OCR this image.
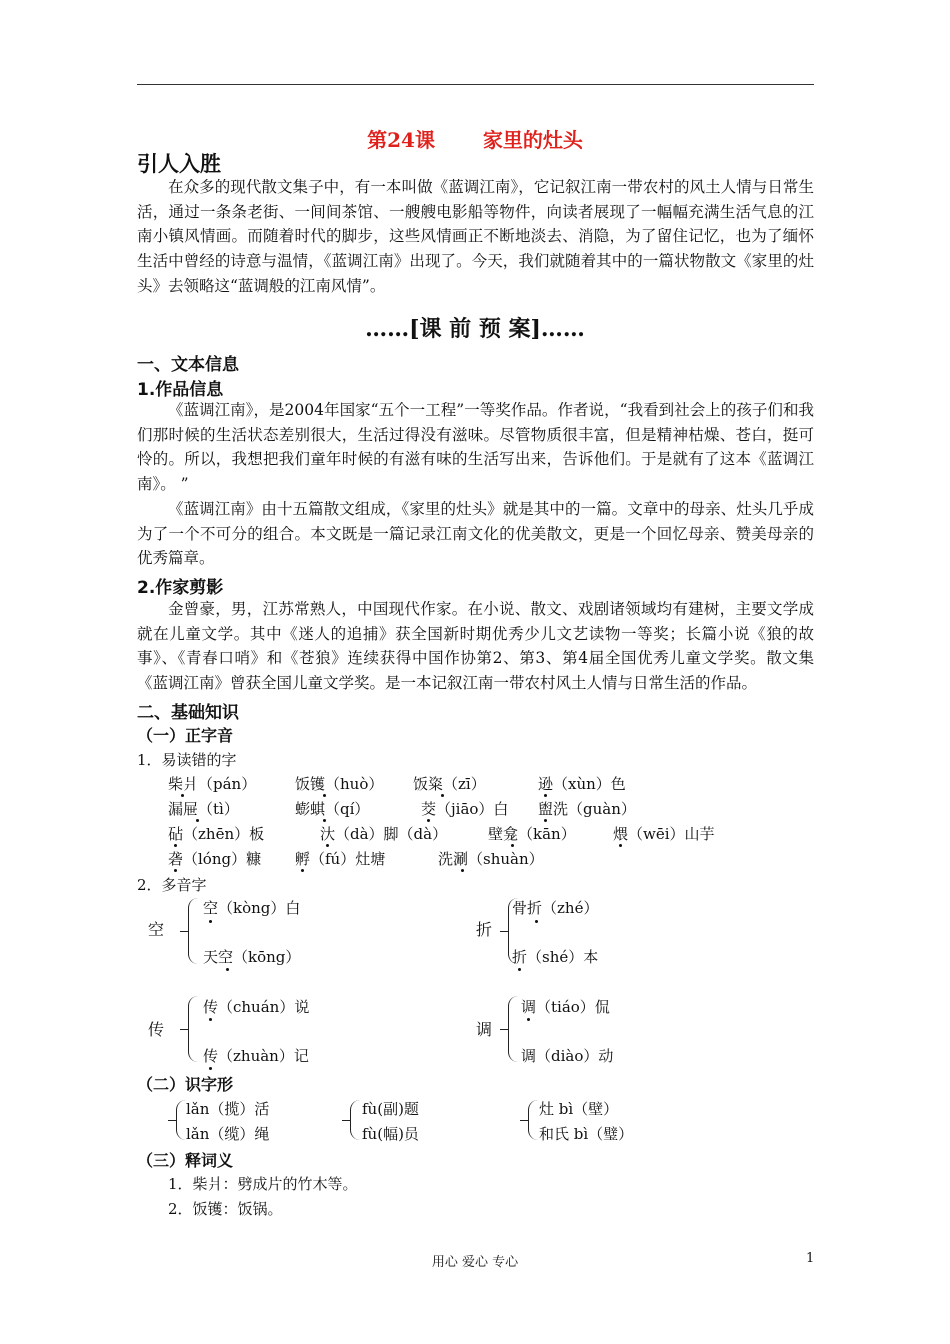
第24课 家里的灶头
引人入胜
在众多的现代散文集子中，有一本叫做《蓝调江南》，它记叙江南一带农村的风土人情与日常生活，通过一条条老街、一间间茶馆、一艘艘电影船等物件，向读者展现了一幅幅充满生活气息的江南小镇风情画。而随着时代的脚步，这些风情画正不断地淡去、消隐，为了留住记忆，也为了缅怀生活中曾经的诗意与温情，《蓝调江南》出现了。今天，我们就随着其中的一篇状物散文《家里的灶头》去领略这“蓝调般的江南风情”。
……[课 前 预 案]……
一、文本信息
1.作品信息
《蓝调江南》，是2004年国家“五个一工程”一等奖作品。作者说，“我看到社会上的孩子们和我们那时候的生活状态差别很大，生活过得没有滋味。尽管物质很丰富，但是精神枯燥、苍白，挺可怜的。所以，我想把我们童年时候的有滋有味的生活写出来，告诉他们。于是就有了这本《蓝调江南》。 ”
《蓝调江南》由十五篇散文组成，《家里的灶头》就是其中的一篇。文章中的母亲、灶头几乎成为了一个不可分的组合。本文既是一篇记录江南文化的优美散文，更是一个回忆母亲、赞美母亲的优秀篇章。
2.作家剪影
金曾豪，男，江苏常熟人，中国现代作家。在小说、散文、戏剧诸领域均有建树，主要文学成就在儿童文学。其中《迷人的追捕》获全国新时期优秀少儿文艺读物一等奖；长篇小说《狼的故事》、《青春口哨》和《苍狼》连续获得中国作协第2、第3、第4届全国优秀儿童文学奖。散文集《蓝调江南》曾获全国儿童文学奖。是一本记叙江南一带农村风土人情与日常生活的作品。
二、基础知识
（一）正字音
1．易读错的字
柴爿（pán）	饭镬（huò） 饭粢（zī）	逊（xùn）色
漏屉（tì）	蟛蜞（qí）	茭（jiāo）白 盥洗（guàn）
砧（zhēn）板	汏（dà）脚（dà）	壁龛（kān） 煨（wēi）山芋
砻（lóng）糠 孵（fú）灶塘	洗涮（shuàn）
2．多音字
空
空（kòng）白
天空（kōng）
折
骨折（zhé）
折（shé）本
传
传（chuán）说
传（zhuàn）记
调
调（tiáo）侃
调（diào）动
（二）识字形
lǎn（揽）活
lǎn（缆）绳
fù(副)题
fù(幅)员
灶 bì（壁）
和氏 bì（璧）
（三）释词义
1．柴爿：劈成片的竹木等。
2．饭镬：饭锅。
用心 爱心 专心	1
